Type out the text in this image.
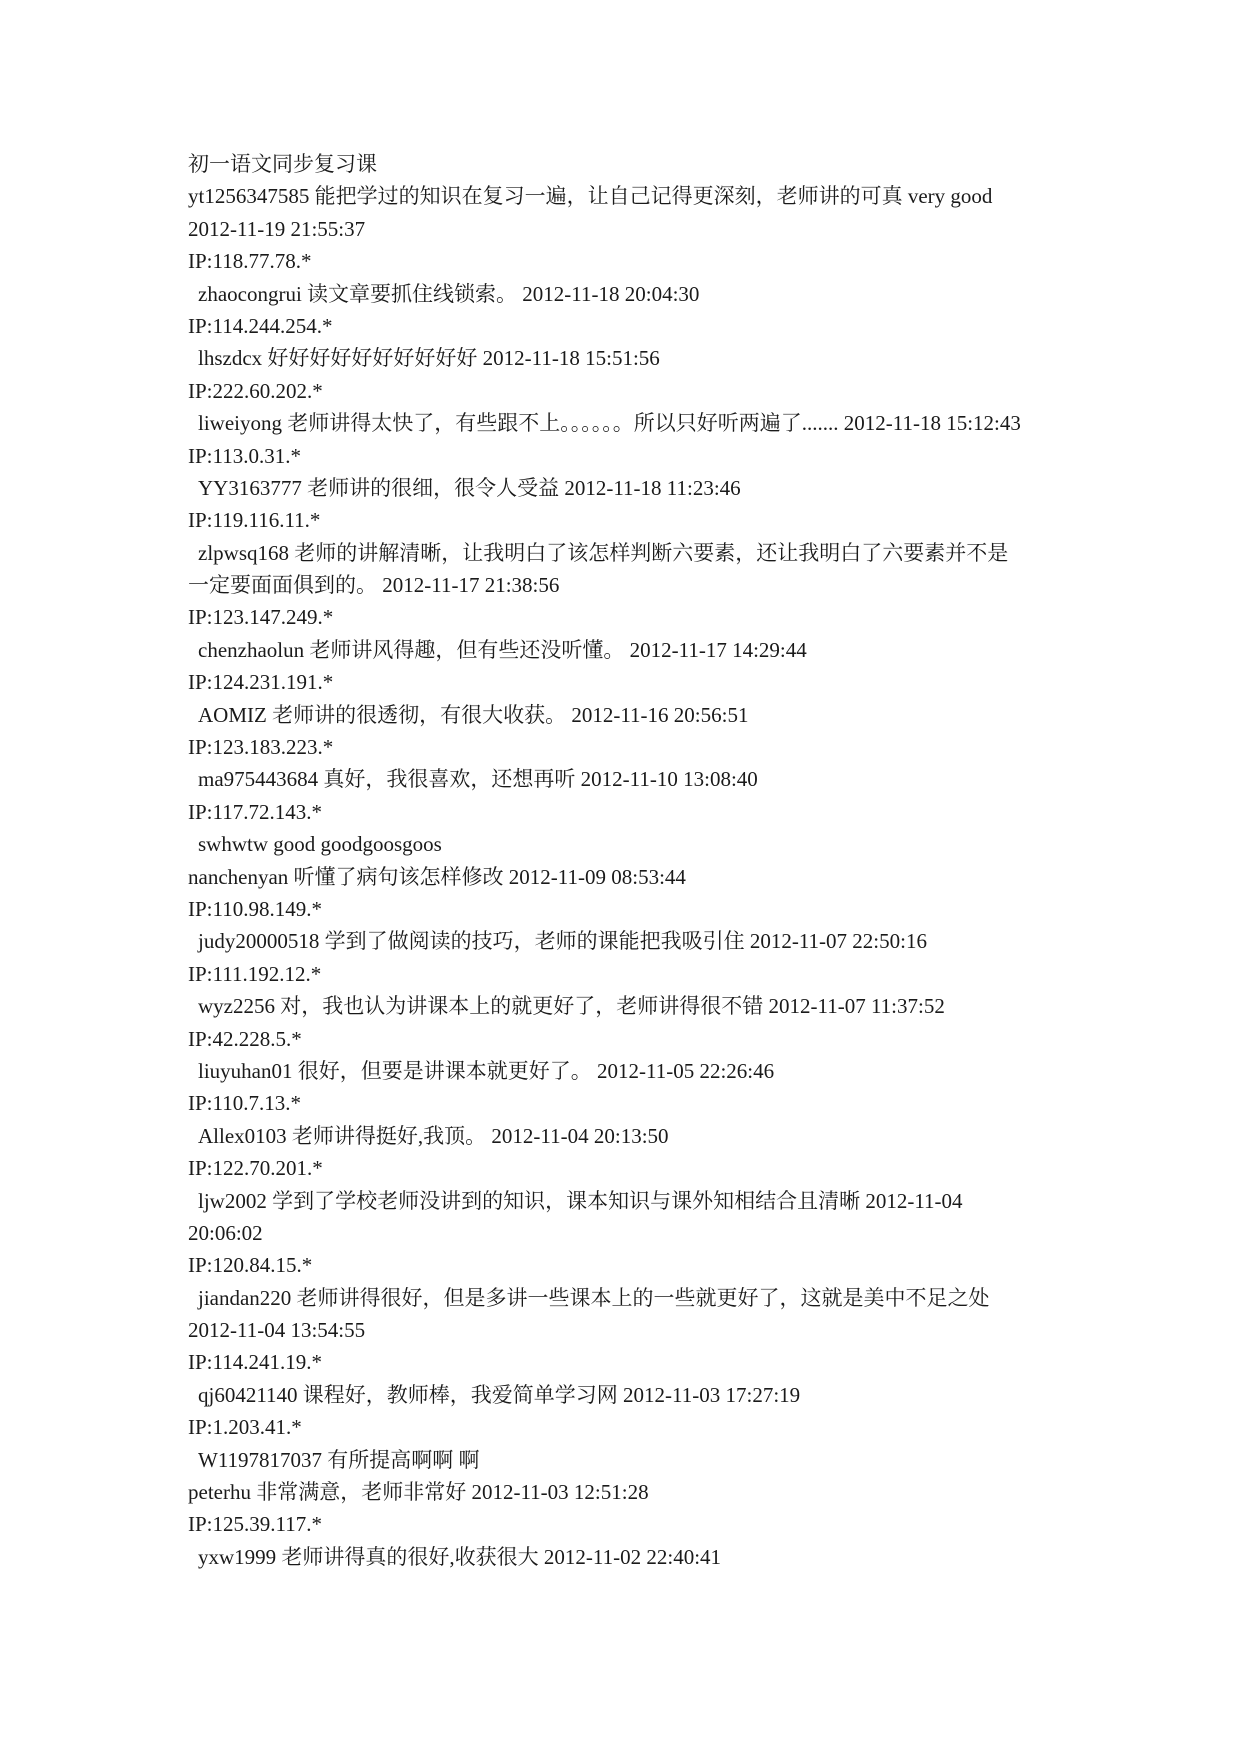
初一语文同步复习课
yt1256347585 能把学过的知识在复习一遍，让自己记得更深刻，老师讲的可真 very good
2012-11-19 21:55:37
IP:118.77.78.*
zhaocongrui 读文章要抓住线锁索。 2012-11-18 20:04:30
IP:114.244.254.*
lhszdcx 好好好好好好好好好好 2012-11-18 15:51:56
IP:222.60.202.*
liweiyong 老师讲得太快了，有些跟不上。。。。。。所以只好听两遍了....... 2012-11-18 15:12:43
IP:113.0.31.*
YY3163777 老师讲的很细，很令人受益 2012-11-18 11:23:46
IP:119.116.11.*
zlpwsq168 老师的讲解清晰，让我明白了该怎样判断六要素，还让我明白了六要素并不是
一定要面面俱到的。 2012-11-17 21:38:56
IP:123.147.249.*
chenzhaolun 老师讲风得趣，但有些还没听懂。 2012-11-17 14:29:44
IP:124.231.191.*
AOMIZ 老师讲的很透彻，有很大收获。 2012-11-16 20:56:51
IP:123.183.223.*
ma975443684 真好，我很喜欢，还想再听 2012-11-10 13:08:40
IP:117.72.143.*
swhwtw good goodgoosgoos
nanchenyan 听懂了病句该怎样修改 2012-11-09 08:53:44
IP:110.98.149.*
judy20000518 学到了做阅读的技巧，老师的课能把我吸引住 2012-11-07 22:50:16
IP:111.192.12.*
wyz2256 对，我也认为讲课本上的就更好了，老师讲得很不错 2012-11-07 11:37:52
IP:42.228.5.*
liuyuhan01 很好，但要是讲课本就更好了。 2012-11-05 22:26:46
IP:110.7.13.*
Allex0103 老师讲得挺好,我顶。 2012-11-04 20:13:50
IP:122.70.201.*
ljw2002 学到了学校老师没讲到的知识，课本知识与课外知相结合且清晰 2012-11-04
20:06:02
IP:120.84.15.*
jiandan220 老师讲得很好，但是多讲一些课本上的一些就更好了，这就是美中不足之处
2012-11-04 13:54:55
IP:114.241.19.*
qj60421140 课程好，教师棒，我爱简单学习网 2012-11-03 17:27:19
IP:1.203.41.*
W1197817037 有所提高啊啊 啊
peterhu 非常满意，老师非常好 2012-11-03 12:51:28
IP:125.39.117.*
yxw1999 老师讲得真的很好,收获很大 2012-11-02 22:40:41
